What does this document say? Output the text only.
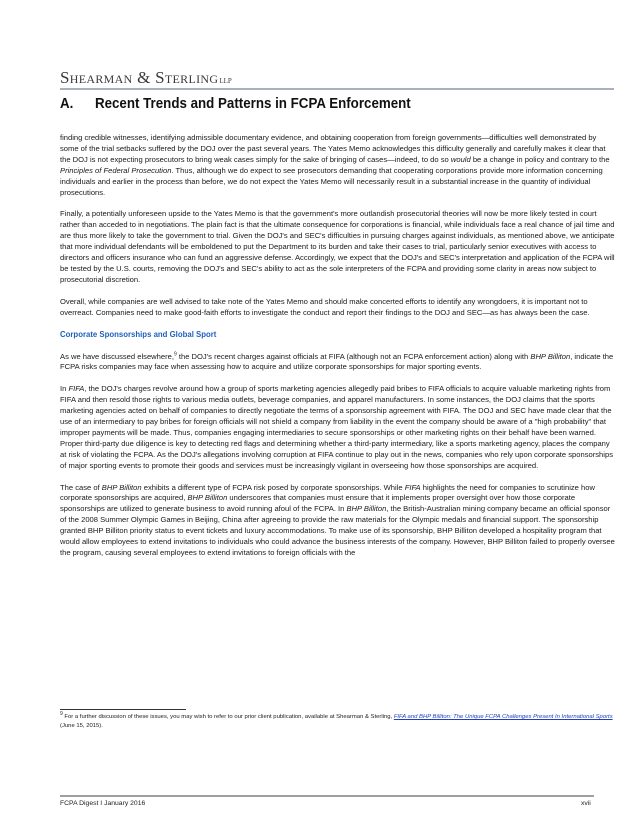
Shearman & SterlingLLP
A. Recent Trends and Patterns in FCPA Enforcement

finding credible witnesses, identifying admissible documentary evidence, and obtaining cooperation from foreign governments—difficulties well demonstrated by some of the trial setbacks suffered by the DOJ over the past several years. The Yates Memo acknowledges this difficulty generally and carefully makes it clear that the DOJ is not expecting prosecutors to bring weak cases simply for the sake of bringing of cases—indeed, to do so would be a change in policy and contrary to the Principles of Federal Prosecution. Thus, although we do expect to see prosecutors demanding that cooperating corporations provide more information concerning individuals and earlier in the process than before, we do not expect the Yates Memo will necessarily result in a substantial increase in the quantity of individual prosecutions.

Finally, a potentially unforeseen upside to the Yates Memo is that the government's more outlandish prosecutorial theories will now be more likely tested in court rather than acceded to in negotiations. The plain fact is that the ultimate consequence for corporations is financial, while individuals face a real chance of jail time and are thus more likely to take the government to trial. Given the DOJ's and SEC's difficulties in pursuing charges against individuals, as mentioned above, we anticipate that more individual defendants will be emboldened to put the Department to its burden and take their cases to trial, particularly senior executives with access to directors and officers insurance who can fund an aggressive defense. Accordingly, we expect that the DOJ's and SEC's interpretation and application of the FCPA will be tested by the U.S. courts, removing the DOJ's and SEC's ability to act as the sole interpreters of the FCPA and providing some clarity in areas now subject to prosecutorial discretion.

Overall, while companies are well advised to take note of the Yates Memo and should make concerted efforts to identify any wrongdoers, it is important not to overreact. Companies need to make good-faith efforts to investigate the conduct and report their findings to the DOJ and SEC—as has always been the case.

Corporate Sponsorships and Global Sport

As we have discussed elsewhere,$^9$ the DOJ's recent charges against officials at FIFA (although not an FCPA enforcement action) along with BHP Billiton, indicate the FCPA risks companies may face when assessing how to acquire and utilize corporate sponsorships for major sporting events.

In FIFA, the DOJ's charges revolve around how a group of sports marketing agencies allegedly paid bribes to FIFA officials to acquire valuable marketing rights from FIFA and then resold those rights to various media outlets, beverage companies, and apparel manufacturers. In some instances, the DOJ claims that the sports marketing agencies acted on behalf of companies to directly negotiate the terms of a sponsorship agreement with FIFA. The DOJ and SEC have made clear that the use of an intermediary to pay bribes for foreign officials will not shield a company from liability in the event the company should be aware of a "high probability" that improper payments will be made. Thus, companies engaging intermediaries to secure sponsorships or other marketing rights on their behalf have been warned. Proper third-party due diligence is key to detecting red flags and determining whether a third-party intermediary, like a sports marketing agency, places the company at risk of violating the FCPA. As the DOJ's allegations involving corruption at FIFA continue to play out in the news, companies who rely upon corporate sponsorships of major sporting events to promote their goods and services must be increasingly vigilant in overseeing how those sponsorships are acquired.

The case of BHP Billiton exhibits a different type of FCPA risk posed by corporate sponsorships. While FIFA highlights the need for companies to scrutinize how corporate sponsorships are acquired, BHP Billiton underscores that companies must ensure that it implements proper oversight over how those corporate sponsorships are utilized to generate business to avoid running afoul of the FCPA. In BHP Billiton, the British-Australian mining company became an official sponsor of the 2008 Summer Olympic Games in Beijing, China after agreeing to provide the raw materials for the Olympic medals and financial support. The sponsorship granted BHP Billiton priority status to event tickets and luxury accommodations. To make use of its sponsorship, BHP Billiton developed a hospitality program that would allow employees to extend invitations to individuals who could advance the business interests of the company. However, BHP Billiton failed to properly oversee the program, causing several employees to extend invitations to foreign officials with the

$^9$ For a further discussion of these issues, you may wish to refer to our prior client publication, available at Shearman & Sterling, FIFA and BHP Billiton: The Unique FCPA Challenges Present In International Sports (June 15, 2015).
FCPA Digest I January 2016	xvii
